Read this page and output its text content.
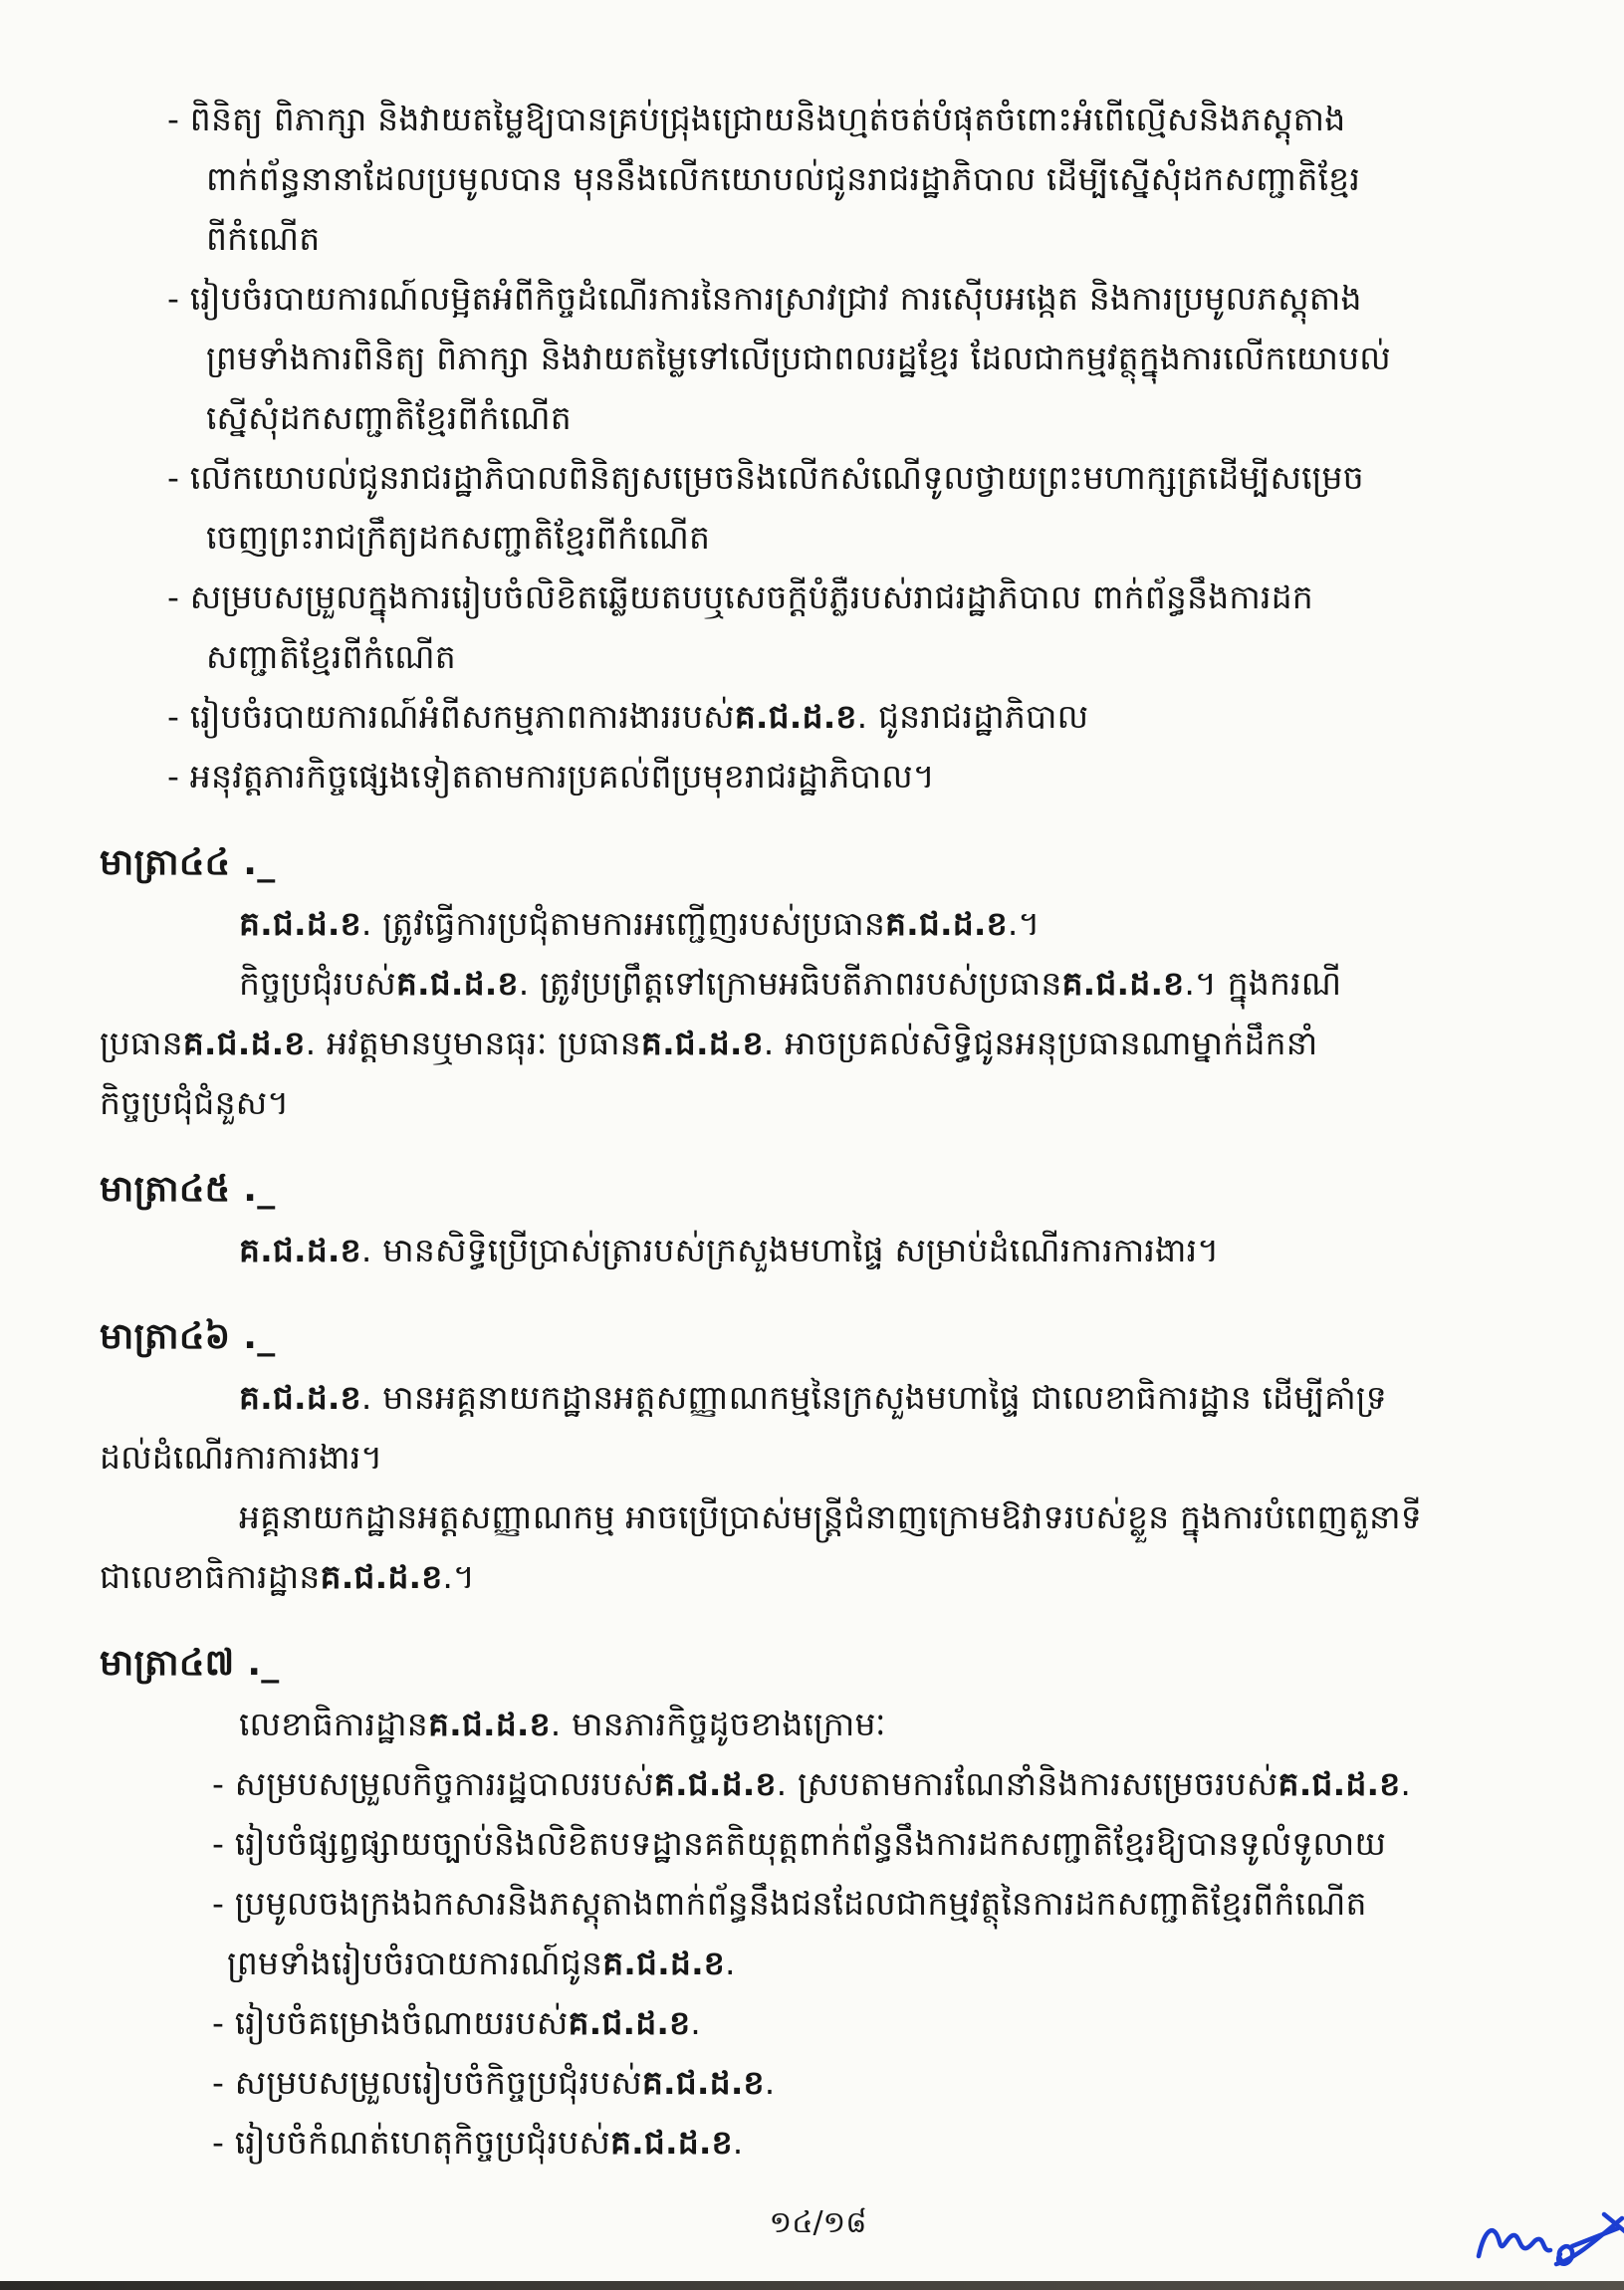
- ពិនិត្យ ពិភាក្សា និងវាយតម្លៃឱ្យបានគ្រប់ជ្រុងជ្រោយនិងហ្មត់ចត់បំផុតចំពោះអំពើល្មើសនិងភស្តុតាង
ពាក់ព័ន្ធនានាដែលប្រមូលបាន មុននឹងលើកយោបល់ជូនរាជរដ្ឋាភិបាល ដើម្បីស្នើសុំដកសញ្ជាតិខ្មែរ
ពីកំណើត
- រៀបចំរបាយការណ៍លម្អិតអំពីកិច្ចដំណើរការនៃការស្រាវជ្រាវ ការស៊ើបអង្កេត និងការប្រមូលភស្តុតាង
ព្រមទាំងការពិនិត្យ ពិភាក្សា និងវាយតម្លៃទៅលើប្រជាពលរដ្ឋខ្មែរ ដែលជាកម្មវត្ថុក្នុងការលើកយោបល់
ស្នើសុំដកសញ្ជាតិខ្មែរពីកំណើត
- លើកយោបល់ជូនរាជរដ្ឋាភិបាលពិនិត្យសម្រេចនិងលើកសំណើទូលថ្វាយព្រះមហាក្សត្រដើម្បីសម្រេច
ចេញព្រះរាជក្រឹត្យដកសញ្ជាតិខ្មែរពីកំណើត
- សម្របសម្រួលក្នុងការរៀបចំលិខិតឆ្លើយតបឬសេចក្ដីបំភ្លឺរបស់រាជរដ្ឋាភិបាល ពាក់ព័ន្ធនឹងការដក
សញ្ជាតិខ្មែរពីកំណើត
- រៀបចំរបាយការណ៍អំពីសកម្មភាពការងាររបស់គ.ជ.ដ.ខ. ជូនរាជរដ្ឋាភិបាល
- អនុវត្តភារកិច្ចផ្សេងទៀតតាមការប្រគល់ពីប្រមុខរាជរដ្ឋាភិបាល។
មាត្រា៤៤ ._
គ.ជ.ដ.ខ. ត្រូវធ្វើការប្រជុំតាមការអញ្ជើញរបស់ប្រធានគ.ជ.ដ.ខ.។
កិច្ចប្រជុំរបស់គ.ជ.ដ.ខ. ត្រូវប្រព្រឹត្តទៅក្រោមអធិបតីភាពរបស់ប្រធានគ.ជ.ដ.ខ.។ ក្នុងករណី
ប្រធានគ.ជ.ដ.ខ. អវត្តមានឬមានធុរៈ ប្រធានគ.ជ.ដ.ខ. អាចប្រគល់សិទ្ធិជូនអនុប្រធានណាម្នាក់ដឹកនាំ
កិច្ចប្រជុំជំនួស។
មាត្រា៤៥ ._
គ.ជ.ដ.ខ. មានសិទ្ធិប្រើប្រាស់ត្រារបស់ក្រសួងមហាផ្ទៃ សម្រាប់ដំណើរការការងារ។
មាត្រា៤៦ ._
គ.ជ.ដ.ខ. មានអគ្គនាយកដ្ឋានអត្តសញ្ញាណកម្មនៃក្រសួងមហាផ្ទៃ ជាលេខាធិការដ្ឋាន ដើម្បីគាំទ្រ
ដល់ដំណើរការការងារ។
អគ្គនាយកដ្ឋានអត្តសញ្ញាណកម្ម អាចប្រើប្រាស់មន្ត្រីជំនាញក្រោមឱវាទរបស់ខ្លួន ក្នុងការបំពេញតួនាទី
ជាលេខាធិការដ្ឋានគ.ជ.ដ.ខ.។
មាត្រា៤៧ ._
លេខាធិការដ្ឋានគ.ជ.ដ.ខ. មានភារកិច្ចដូចខាងក្រោមៈ
- សម្របសម្រួលកិច្ចការរដ្ឋបាលរបស់គ.ជ.ដ.ខ. ស្របតាមការណែនាំនិងការសម្រេចរបស់គ.ជ.ដ.ខ.
- រៀបចំផ្សព្វផ្សាយច្បាប់និងលិខិតបទដ្ឋានគតិយុត្តពាក់ព័ន្ធនឹងការដកសញ្ជាតិខ្មែរឱ្យបានទូលំទូលាយ
- ប្រមូលចងក្រងឯកសារនិងភស្តុតាងពាក់ព័ន្ធនឹងជនដែលជាកម្មវត្ថុនៃការដកសញ្ជាតិខ្មែរពីកំណើត
ព្រមទាំងរៀបចំរបាយការណ៍ជូនគ.ជ.ដ.ខ.
- រៀបចំគម្រោងចំណាយរបស់គ.ជ.ដ.ខ.
- សម្របសម្រួលរៀបចំកិច្ចប្រជុំរបស់គ.ជ.ដ.ខ.
- រៀបចំកំណត់ហេតុកិច្ចប្រជុំរបស់គ.ជ.ដ.ខ.
១៤/១៨
